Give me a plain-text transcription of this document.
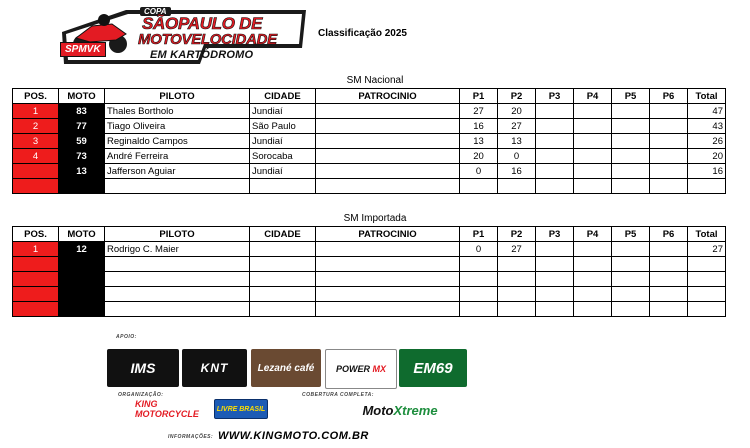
COPA
SÃOPAULO DE
MOTOVELOCIDADE
EM KARTÓDROMO
SPMVK
Classificação 2025
SM Nacional
POS.	MOTO	PILOTO	CIDADE	PATROCINIO	P1	P2	P3	P4	P5	P6	Total
1	83	Thales Bortholo	Jundiaí		27	20					47
2	77	Tiago Oliveira	São Paulo		16	27					43
3	59	Reginaldo Campos	Jundiaí		13	13					26
4	73	André Ferreira	Sorocaba		20	0					20
	13	Jafferson Aguiar	Jundiaí		0	16					16

SM Importada
POS.	MOTO	PILOTO	CIDADE	PATROCINIO	P1	P2	P3	P4	P5	P6	Total
1	12	Rodrigo C. Maier			0	27					27

APOIO:
IMS	KNT	Lezané café	POWER
MX	EM69
ORGANIZAÇÃO:
KING MOTORCYCLE	LIVRE BRASIL
COBERTURA COMPLETA:
Moto Xtreme
INFORMAÇÕES: WWW.KINGMOTO.COM.BR
